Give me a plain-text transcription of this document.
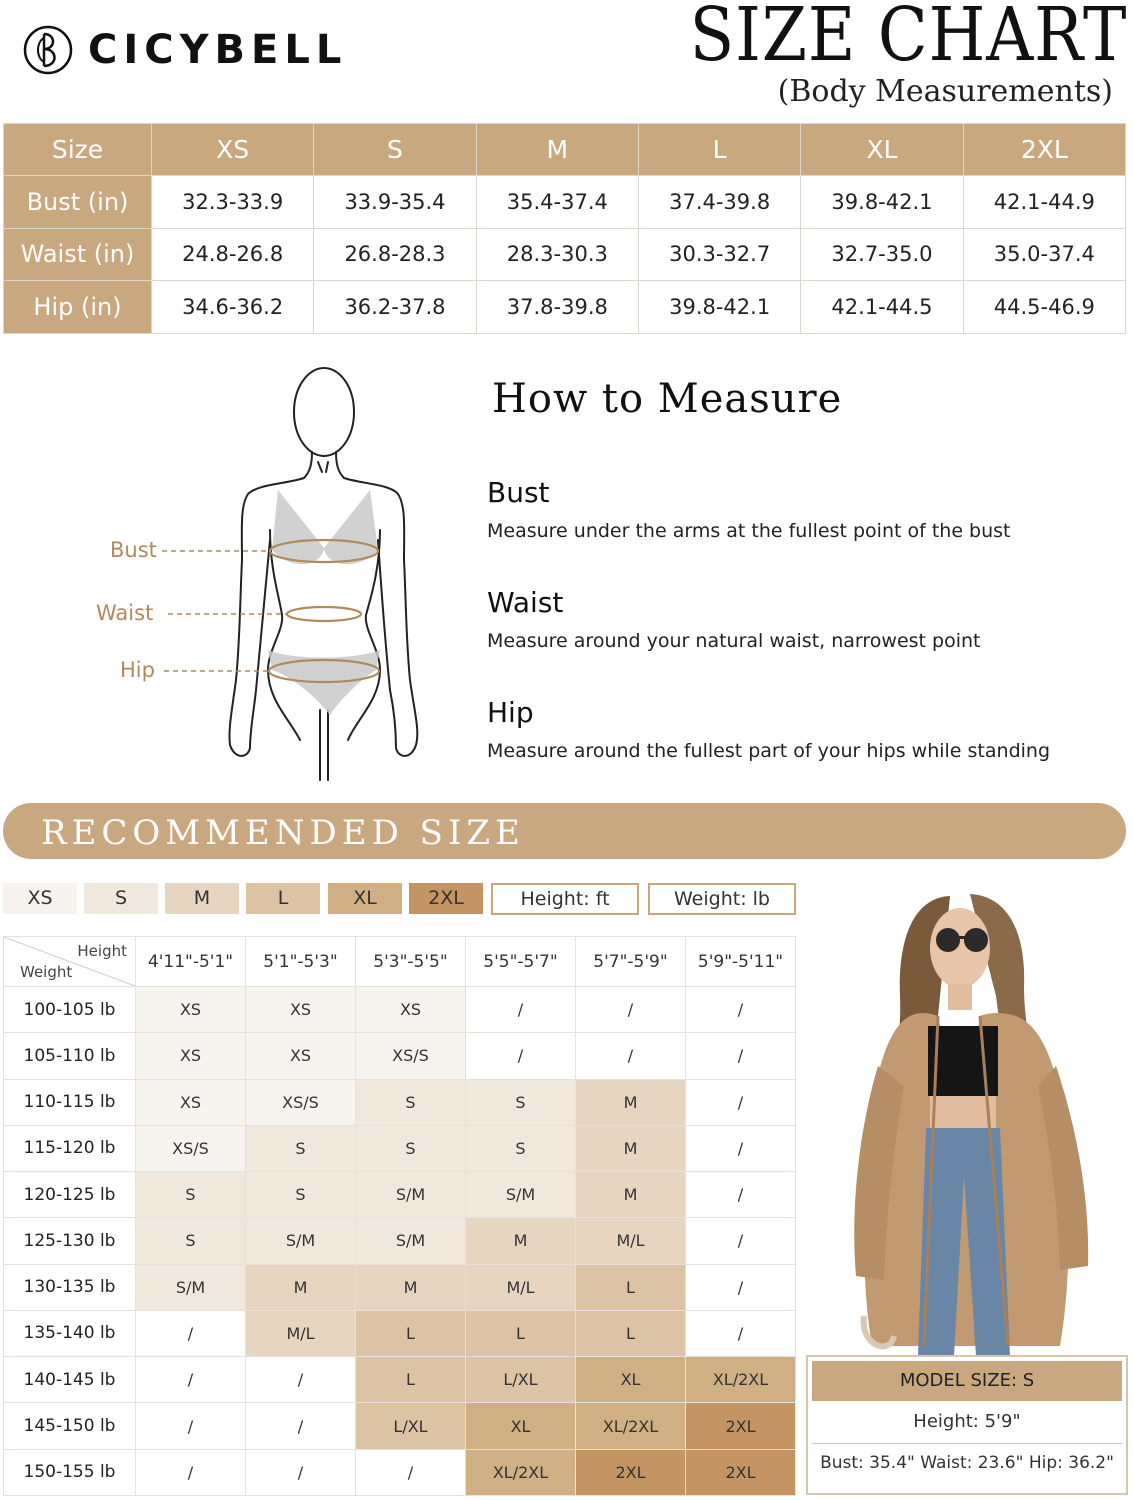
CICYBELL	SIZE CHART
(Body Measurements)
Size	XS	S	M	L	XL	2XL
Bust (in)	32.3-33.9	33.9-35.4	35.4-37.4	37.4-39.8	39.8-42.1	42.1-44.9
Waist (in)	24.8-26.8	26.8-28.3	28.3-30.3	30.3-32.7	32.7-35.0	35.0-37.4
Hip (in)	34.6-36.2	36.2-37.8	37.8-39.8	39.8-42.1	42.1-44.5	44.5-46.9
Bust
Waist
Hip
How to Measure
Bust
Measure under the arms at the fullest point of the bust
Waist
Measure around your natural waist, narrowest point
Hip
Measure around the fullest part of your hips while standing
RECOMMENDED SIZE
XS	S	M	L	XL	2XL	Height: ft	Weight: lb
Height
Weight	4'11"-5'1"	5'1"-5'3"	5'3"-5'5"	5'5"-5'7"	5'7"-5'9"	5'9"-5'11"
100-105 lb	XS	XS	XS	/	/	/
105-110 lb	XS	XS	XS/S	/	/	/
110-115 lb	XS	XS/S	S	S	M	/
115-120 lb	XS/S	S	S	S	M	/
120-125 lb	S	S	S/M	S/M	M	/
125-130 lb	S	S/M	S/M	M	M/L	/
130-135 lb	S/M	M	M	M/L	L	/
135-140 lb	/	M/L	L	L	L	/
140-145 lb	/	/	L	L/XL	XL	XL/2XL
145-150 lb	/	/	L/XL	XL	XL/2XL	2XL
150-155 lb	/	/	/	XL/2XL	2XL	2XL
MODEL SIZE: S
Height: 5'9"
Bust: 35.4" Waist: 23.6" Hip: 36.2"
